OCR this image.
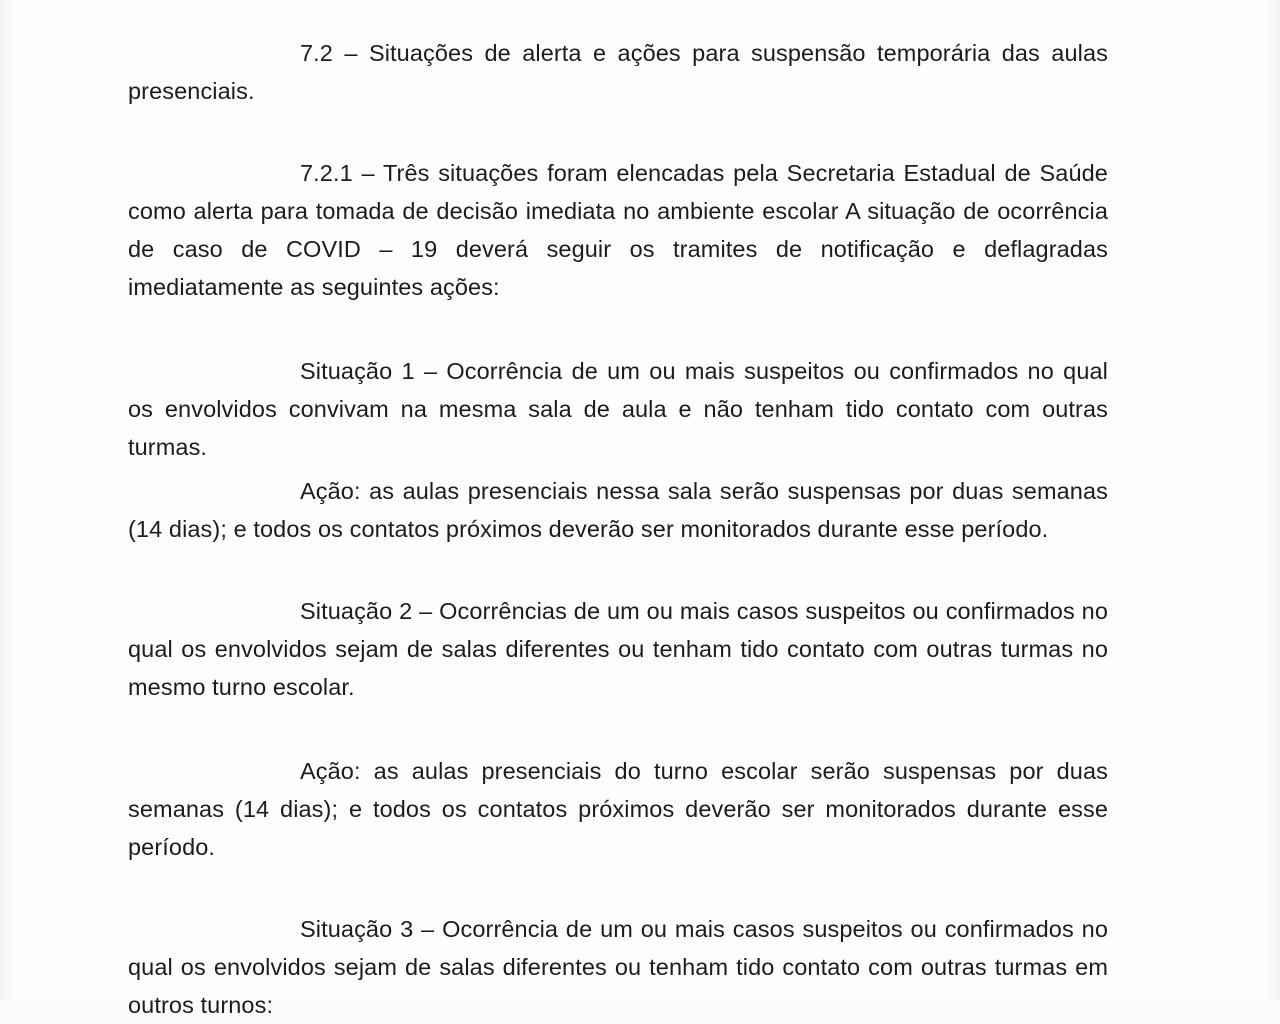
7.2 – Situações de alerta e ações para suspensão temporária das aulas presenciais.

7.2.1 – Três situações foram elencadas pela Secretaria Estadual de Saúde como alerta para tomada de decisão imediata no ambiente escolar A situação de ocorrência de caso de COVID – 19 deverá seguir os tramites de notificação e deflagradas imediatamente as seguintes ações:

Situação 1 – Ocorrência de um ou mais suspeitos ou confirmados no qual os envolvidos convivam na mesma sala de aula e não tenham tido contato com outras turmas.

Ação: as aulas presenciais nessa sala serão suspensas por duas semanas (14 dias); e todos os contatos próximos deverão ser monitorados durante esse período.

Situação 2 – Ocorrências de um ou mais casos suspeitos ou confirmados no qual os envolvidos sejam de salas diferentes ou tenham tido contato com outras turmas no mesmo turno escolar.

Ação: as aulas presenciais do turno escolar serão suspensas por duas semanas (14 dias); e todos os contatos próximos deverão ser monitorados durante esse período.

Situação 3 – Ocorrência de um ou mais casos suspeitos ou confirmados no qual os envolvidos sejam de salas diferentes ou tenham tido contato com outras turmas em outros turnos:
